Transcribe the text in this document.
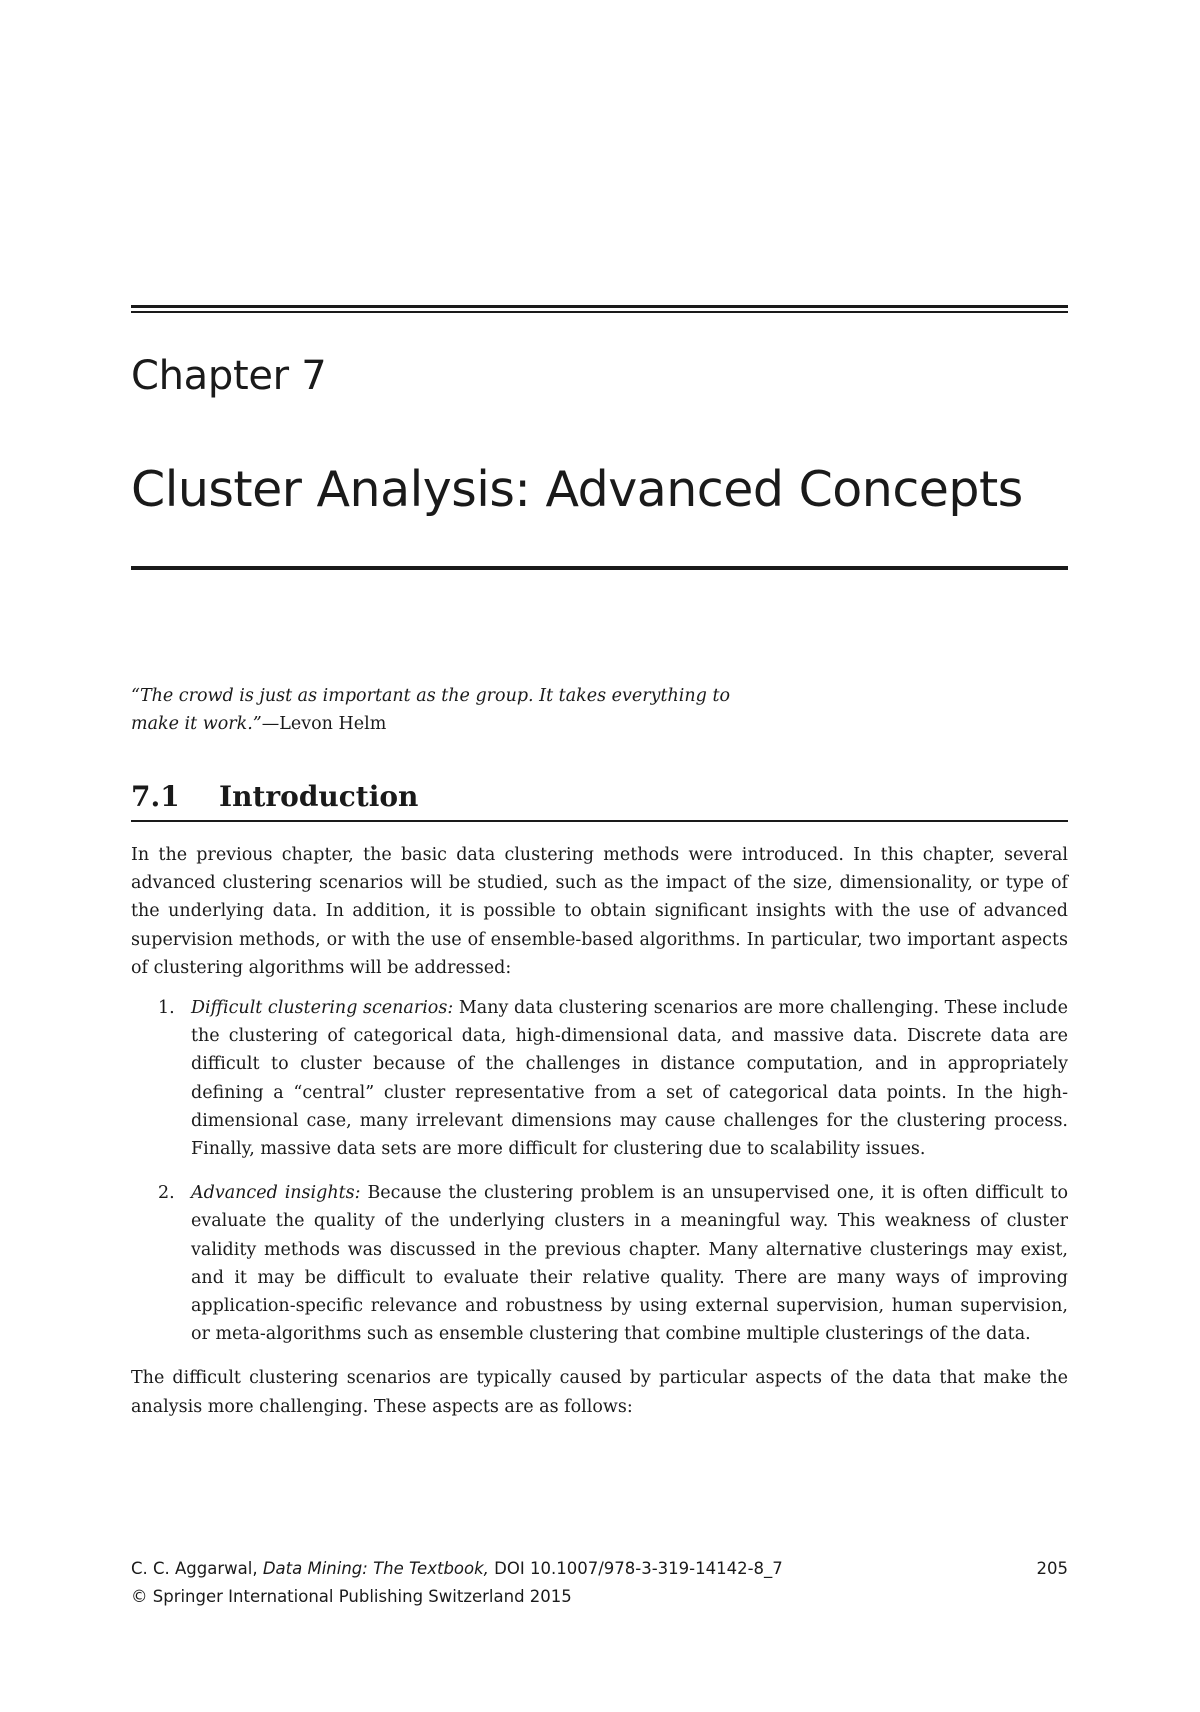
Chapter 7
Cluster Analysis: Advanced Concepts
“The crowd is just as important as the group. It takes everything to make it work.”—Levon Helm
7.1 Introduction

In the previous chapter, the basic data clustering methods were introduced. In this chapter, several advanced clustering scenarios will be studied, such as the impact of the size, dimensionality, or type of the underlying data. In addition, it is possible to obtain significant insights with the use of advanced supervision methods, or with the use of ensemble-based algorithms. In particular, two important aspects of clustering algorithms will be addressed:

1. Difficult clustering scenarios: Many data clustering scenarios are more challenging. These include the clustering of categorical data, high-dimensional data, and massive data. Discrete data are difficult to cluster because of the challenges in distance computation, and in appropriately defining a “central” cluster representative from a set of categorical data points. In the high-dimensional case, many irrelevant dimensions may cause challenges for the clustering process. Finally, massive data sets are more difficult for clustering due to scalability issues.
2. Advanced insights: Because the clustering problem is an unsupervised one, it is often difficult to evaluate the quality of the underlying clusters in a meaningful way. This weakness of cluster validity methods was discussed in the previous chapter. Many alternative clusterings may exist, and it may be difficult to evaluate their relative quality. There are many ways of improving application-specific relevance and robustness by using external supervision, human supervision, or meta-algorithms such as ensemble clustering that combine multiple clusterings of the data.

The difficult clustering scenarios are typically caused by particular aspects of the data that make the analysis more challenging. These aspects are as follows:

C. C. Aggarwal, Data Mining: The Textbook, DOI 10.1007/978-3-319-14142-8_7
© Springer International Publishing Switzerland 2015
205
